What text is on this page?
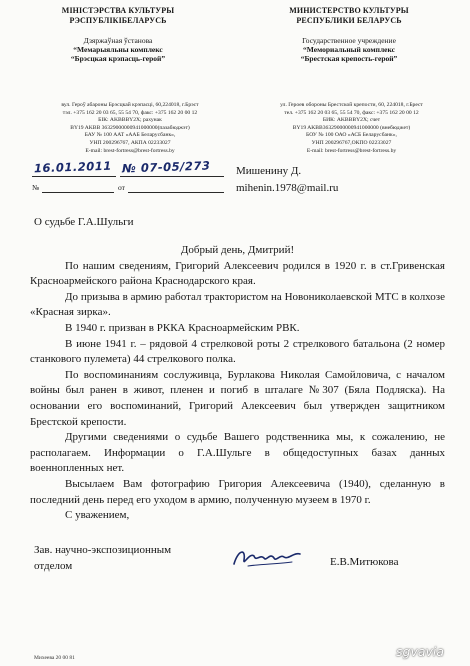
МІНІСТЭРСТВА КУЛЬТУРЫ
РЭСПУБЛІКІБЕЛАРУСЬ
Дзяржаўная ўстанова
“Мемарыяльны комплекс
“Брэсцкая крэпасць-герой”
вул. Героў абароны Брэсцкай крэпасці, 60,224018, г.Брэст
тэл. +375 162 20 03 65, 55 54 70, факс: +375 162 20 00 12
БІК: AKBBBY2X; рахунак
BY19 AKBB 36329000000941000000(пазабюджэт)
БАУ № 100 ААТ «ААБ Беларусбанк»,
УНП 200296767, АКПА 02233027
E-mail: brest-fortress@brest-fortress.by
МИНИСТЕРСТВО КУЛЬТУРЫ
РЕСПУБЛИКИ БЕЛАРУСЬ
Государственное учреждение
“Мемориальный комплекс
“Брестская крепость-герой”
ул. Героев обороны Брестской крепости, 60, 224018, г.Брест
тел. +375 162 20 03 65, 55 54 70, факс: +375 162 20 00 12
БИК: AKBBBY2X; счет
BY19 AKBB36329000000941000000 (внебюджет)
БОУ № 100 ОАО «АСБ Беларусбанк»,
УНП 200296767,ОКПО 02233027
E-mail: brest-fortress@brest-fortress.by
16.01.2011 № 07-05/273
№	от
Мишенину Д.
mihenin.1978@mail.ru
О судьбе Г.А.Шульги

Добрый день, Дмитрий!

По нашим сведениям, Григорий Алексеевич родился в 1920 г. в ст.Гривенская Красноармейского района Краснодарского края.

До призыва в армию работал трактористом на Новониколаевской МТС в колхозе «Красная зирка».

В 1940 г. призван в РККА Красноармейским РВК.

В июне 1941 г. – рядовой 4 стрелковой роты 2 стрелкового батальона (2 номер станкового пулемета) 44 стрелкового полка.

По воспоминаниям сослуживца, Бурлакова Николая Самойловича, с началом войны был ранен в живот, пленен и погиб в шталаге №307 (Бяла Подляска). На основании его воспоминаний, Григорий Алексеевич был утвержден защитником Брестской крепости.

Другими сведениями о судьбе Вашего родственника мы, к сожалению, не располагаем. Информации о Г.А.Шульге в общедоступных базах данных военнопленных нет.

Высылаем Вам фотографию Григория Алексеевича (1940), сделанную в последний день перед его уходом в армию, полученную музеем в 1970 г.

С уважением,

Зав. научно-экспозиционным
отделом	Е.В.Митюкова
Михеева 20 00 81	sgvavia
